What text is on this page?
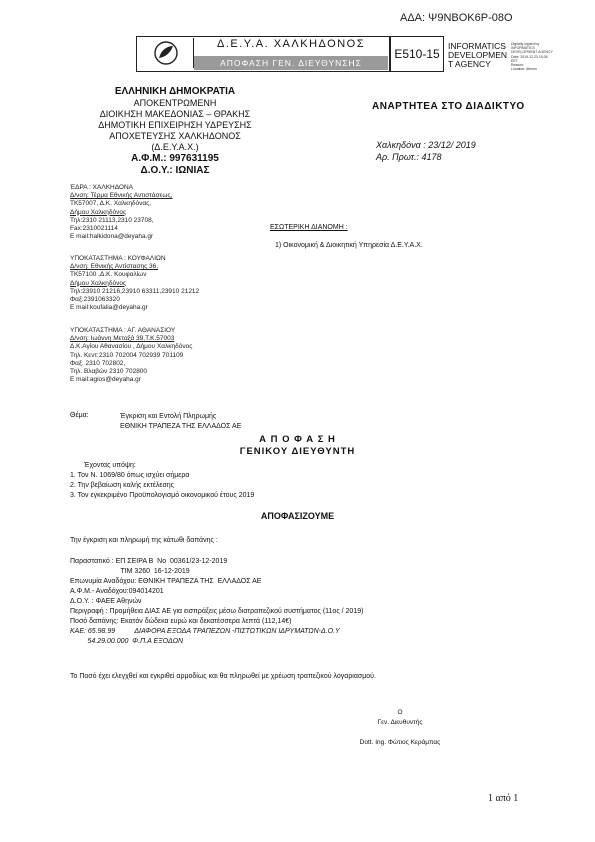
ΑΔΑ: Ψ9ΝΒΟΚ6Ρ-08Ο
Δ.Ε.Υ.Α. ΧΑΛΚΗΔΟΝΟΣ
ΑΠΟΦΑΣΗ ΓΕΝ. ΔΙΕΥΘΥΝΣΗΣ
E510-15
INFORMATICS
DEVELOPMEN
T AGENCY
Digitally signed by
INFORMATICS
DEVELOPMENT AGENCY
Date: 2019.12.23 15:26
EET
Reason:
Location: Athens
ΕΛΛΗΝΙΚΗ ΔΗΜΟΚΡΑΤΙΑ
ΑΠΟΚΕΝΤΡΩΜΕΝΗ
ΔΙΟΙΚΗΣΗ ΜΑΚΕΔΟΝΙΑΣ – ΘΡΑΚΗΣ
ΔΗΜΟΤΙΚΗ ΕΠΙΧΕΙΡΗΣΗ ΥΔΡΕΥΣΗΣ
ΑΠΟΧΕΤΕΥΣΗΣ ΧΑΛΚΗΔΟΝΟΣ
(Δ.Ε.Υ.Α.Χ.)
Α.Φ.Μ.: 997631195
Δ.Ο.Υ.: ΙΩΝΙΑΣ
ΈΔΡΑ : ΧΑΛΚΗΔΟΝΑ
Δ/νση: Τέρμα Εθνικής Αντιστάσεως,
ΤΚ57007, Δ.Κ. Χαλκηδόνας,
Δήμου Χαλκηδόνος
Τηλ:2310 21113,2310 23708,
Fax:2310021114
E mail:halkidona@deyaha.gr
ΥΠΟΚΑΤΑΣΤΗΜΑ : ΚΟΥΦΑΛΙΩΝ
Δ/νση: Εθνικής Αντίστασης 36,
ΤΚ57100 ,Δ.Κ. Κουφαλίων
Δήμου Χαλκηδόνος
Τηλ:23910 21216,23910 63311,23910 21212
Φαξ:2391063320
E mail:koufalia@deyaha.gr
ΥΠΟΚΑΤΑΣΤΗΜΑ : ΑΓ. ΑΘΑΝΑΣΙΟΥ
Δ/νση: Ιωάννη Μεταξά 39,Τ.Κ.57003
Δ.Κ.Αγίου Αθανασίου , Δήμου Χαλκηδόνος
Τηλ. Κεντ:2310 702004 702939 701109
Φαξ. 2310 702802,
Τηλ. Βλαβών 2310 702800
E mail:agios@deyaha.gr
ΑΝΑΡΤΗΤΕΑ ΣΤΟ ΔΙΑΔΙΚΤΥΟ
Χαλκηδόνα : 23/12/ 2019
Αρ. Πρωτ.: 4178
ΕΣΩΤΕΡΙΚΗ ΔΙΑΝΟΜΗ :
1) Οικονομική & Διοικητική Υπηρεσία Δ.Ε.Υ.Α.Χ.
Θέμα:	Έγκριση και Εντολή Πληρωμής
ΕΘΝΙΚΗ ΤΡΑΠΕΖΑ ΤΗΣ ΕΛΛΑΔΟΣ ΑΕ
Α Π Ο Φ Α Σ Η
ΓΕΝΙΚΟΥ ΔΙΕΥΘΥΝΤΗ
Έχοντας υπόψη:
1. Τον Ν. 1069/80 όπως ισχύει σήμερα
2. Την βεβαίωση καλής εκτέλεσης
3. Τον εγκεκριμένο Προϋπολογισμό οικονομικού έτους 2019
ΑΠΟΦΑΣΙΖΟΥΜΕ
Την έγκριση και πληρωμή της κάτωθι δαπάνης :
Παραστατικό : ΕΠ ΣΕΙΡΑ Β  Νο  00361/23-12-2019
ΤΙΜ 3260  16-12-2019
Επωνυμία Αναδόχου: ΕΘΝΙΚΗ ΤΡΑΠΕΖΑ ΤΗΣ  ΕΛΛΑΔΟΣ ΑΕ
Α.Φ.Μ.- Αναδόχου:094014201
Δ.Ο.Υ. : ΦΑΕΕ Αθηνών
Περιγραφή : Προμήθεια ΔΙΑΣ ΑΕ για εισπράξεις μέσω διατραπεζικού συστήματος (11ος / 2019)
Ποσό δαπάνης: Εκατόν δώδεκα ευρώ και δεκατέσσερα λεπτά (112,14€)
ΚΑΕ: 65.98.99          ΔΙΑΦΟΡΑ ΕΞΟΔΑ ΤΡΑΠΕΖΩΝ -ΠΙΣΤΩΤΙΚΩΝ ΙΔΡΥΜΑΤΩΝ-Δ.Ο.Υ
54.29.00.000  Φ.Π.Α ΕΞΟΔΩΝ
Το Ποσό έχει ελεγχθεί και εγκριθεί αρμοδίως και θα πληρωθεί με χρέωση τραπεζικού λογαριασμού.
Ο
Γεν. Διευθυντής

Dott. Ing. Φώτιος Κεράμπας
1 από 1
